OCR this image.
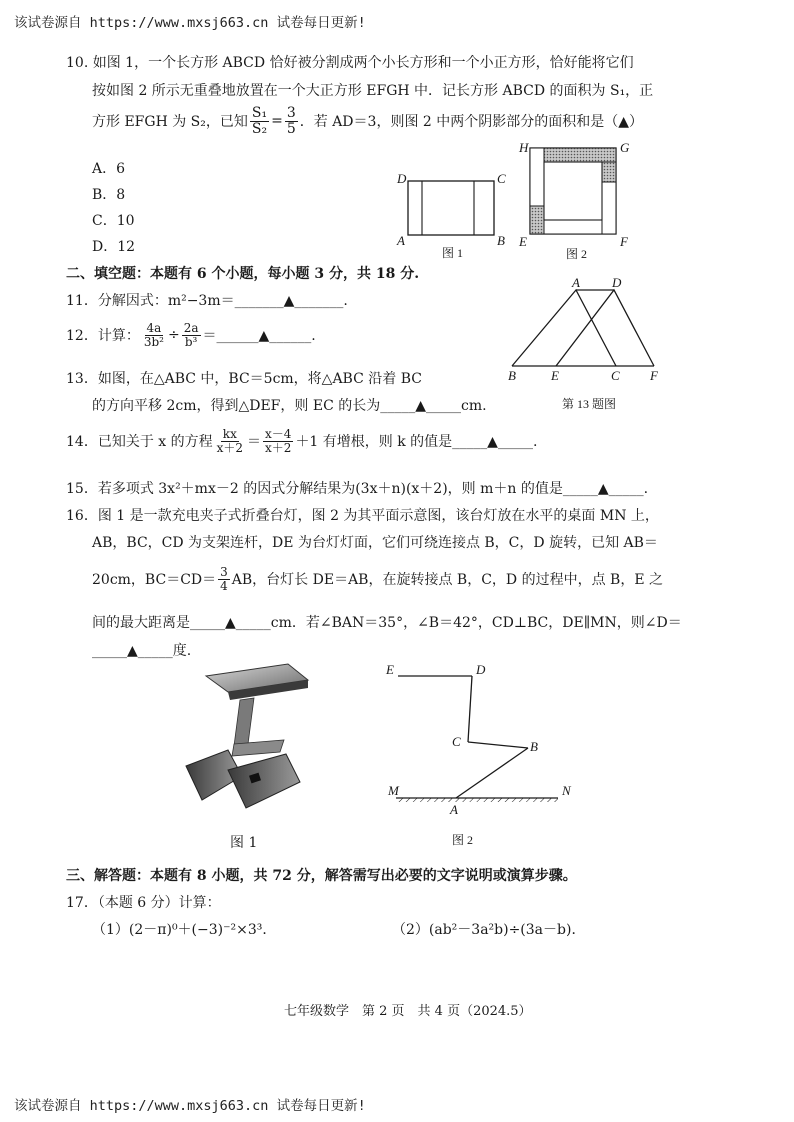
该试卷源自 https://www.mxsj663.cn 试卷每日更新!
10. 如图 1，一个长方形 ABCD 恰好被分割成两个小长方形和一个小正方形，恰好能将它们
按如图 2 所示无重叠地放置在一个大正方形 EFGH 中．记长方形 ABCD 的面积为 S₁，正
方形 EFGH 为 S₂，已知 $\frac{\text{S₁}}{\text{S₂}} = \frac{3}{5}$ ．若 AD＝3，则图 2 中两个阴影部分的面积和是（▲）
A．6
B．8
C．10
D．12
D	C
A	B
图 1
H	G
E	F
图 2
二、填空题：本题有 6 个小题，每小题 3 分，共 18 分.
11．分解因式：m²−3m＝_______▲_______.
12．计算： $\frac{4a}{\text{3b²}} \div \frac{2a}{\text{b³}}$ ＝______▲______.
13．如图，在△ABC 中，BC＝5cm，将△ABC 沿着 BC
的方向平移 2cm，得到△DEF，则 EC 的长为_____▲_____cm.
A D
B	E	C F
第 13 题图
14．已知关于 x 的方程 $\frac{kx}{x+2} = \frac{x-4}{x+2} +1$ 有增根，则 k 的值是_____▲_____.
15．若多项式 3x²＋mx－2 的因式分解结果为(3x＋n)(x＋2)，则 m＋n 的值是_____▲_____.
16．图 1 是一款充电夹子式折叠台灯，图 2 为其平面示意图，该台灯放在水平的桌面 MN 上，
AB，BC，CD 为支架连杆，DE 为台灯灯面，它们可绕连接点 B，C，D 旋转，已知 AB＝
20cm，$BC=CD= \frac{3}{4}$ AB，台灯长 DE＝AB，在旋转接点 B，C，D 的过程中，点 B，E 之
间的最大距离是_____▲_____cm．若∠BAN＝35°，∠B＝42°，CD⊥BC，DE∥MN，则∠D＝
_____▲_____度.
图 1
E	D
C	B
M
A
N
图 2
三、解答题：本题有 8 小题，共 72 分，解答需写出必要的文字说明或演算步骤。
17．（本题 6 分）计算：
（1）(2－π)⁰＋(−3)⁻²×3³．	（2）(ab²－3a²b)÷(3a－b)．
七年级数学　第 2 页　共 4 页（2024.5）
该试卷源自 https://www.mxsj663.cn 试卷每日更新!
